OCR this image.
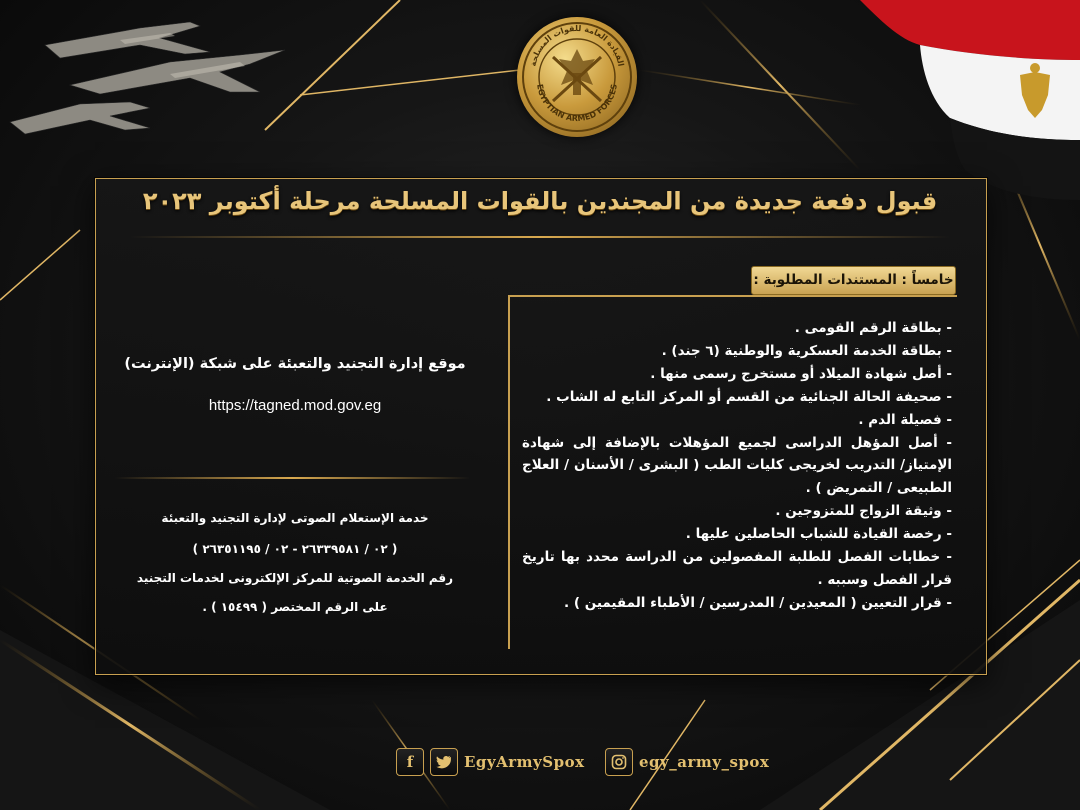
EGYPTIAN ARMED FORCES
القيادة العامة للقوات المسلحة
قبول دفعة جديدة من المجندين بالقوات المسلحة مرحلة أكتوبر ٢٠٢٣
خامساً : المستندات المطلوبة :
- بطاقة الرقم القومى .
- بطاقة الخدمة العسكرية والوطنية (٦ جند) .
- أصل شهادة الميلاد أو مستخرج رسمى منها .
- صحيفة الحالة الجنائية من القسم أو المركز التابع له الشاب .
- فصيلة الدم .
- أصل المؤهل الدراسى لجميع المؤهلات بالإضافة إلى شهادة الإمتياز/ التدريب لخريجى كليات الطب ( البشرى / الأسنان / العلاج الطبيعى / التمريض ) .
- وثيقة الزواج للمتزوجين .
- رخصة القيادة للشباب الحاصلين عليها .
- خطابات الفصل للطلبة المفصولين من الدراسة محدد بها تاريخ قرار الفصل وسببه .
- قرار التعيين ( المعيدين / المدرسين / الأطباء المقيمين ) .
موقع إدارة التجنيد والتعبئة على شبكة (الإنترنت)
https://tagned.mod.gov.eg
خدمة الإستعلام الصوتى لإدارة التجنيد والتعبئة
( ٠٢ / ٢٦٣٣٩٥٨١ - ٠٢ / ٢٦٣٥١١٩٥ )
رقم الخدمة الصوتية للمركز الإلكترونى لخدمات التجنيد
على الرقم المختصر ( ١٥٤٩٩ ) .
f	EgyArmySpox	egy_army_spox
